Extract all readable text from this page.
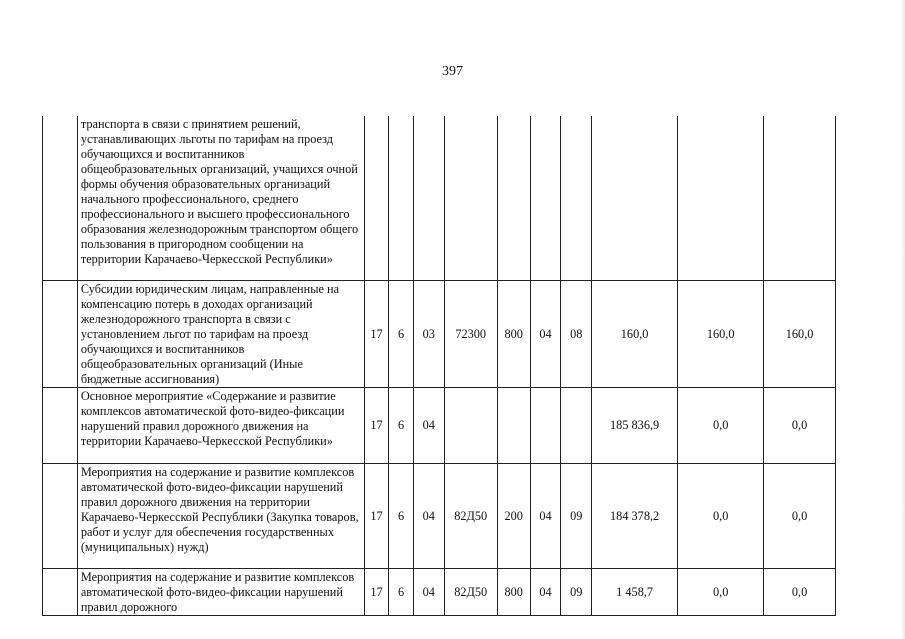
397
	транспорта в связи с принятием решений, устанавливающих льготы по тарифам на проезд обучающихся и воспитанников общеобразовательных организаций, учащихся очной формы обучения образовательных организаций начального профессионального, среднего профессионального и высшего профессионального образования железнодорожным транспортом общего пользования в пригородном сообщении на территории Карачаево-Черкесской Республики»										
	Субсидии юридическим лицам, направленные на компенсацию потерь в доходах организаций железнодорожного транспорта в связи с установлением льгот по тарифам на проезд обучающихся и воспитанников общеобразовательных организаций (Иные бюджетные ассигнования)	17	6	03	72300	800	04	08	160,0	160,0	160,0
	Основное мероприятие «Содержание и развитие комплексов автоматической фото-видео-фиксации нарушений правил дорожного движения на территории Карачаево-Черкесской Республики»	17	6	04					185 836,9	0,0	0,0
	Мероприятия на содержание и развитие комплексов автоматической фото-видео-фиксации нарушений правил дорожного движения на территории Карачаево-Черкесской Республики (Закупка товаров, работ и услуг для обеспечения государственных (муниципальных) нужд)	17	6	04	82Д50	200	04	09	184 378,2	0,0	0,0
	Мероприятия на содержание и развитие комплексов автоматической фото-видео-фиксации нарушений правил дорожного	17	6	04	82Д50	800	04	09	1 458,7	0,0	0,0
